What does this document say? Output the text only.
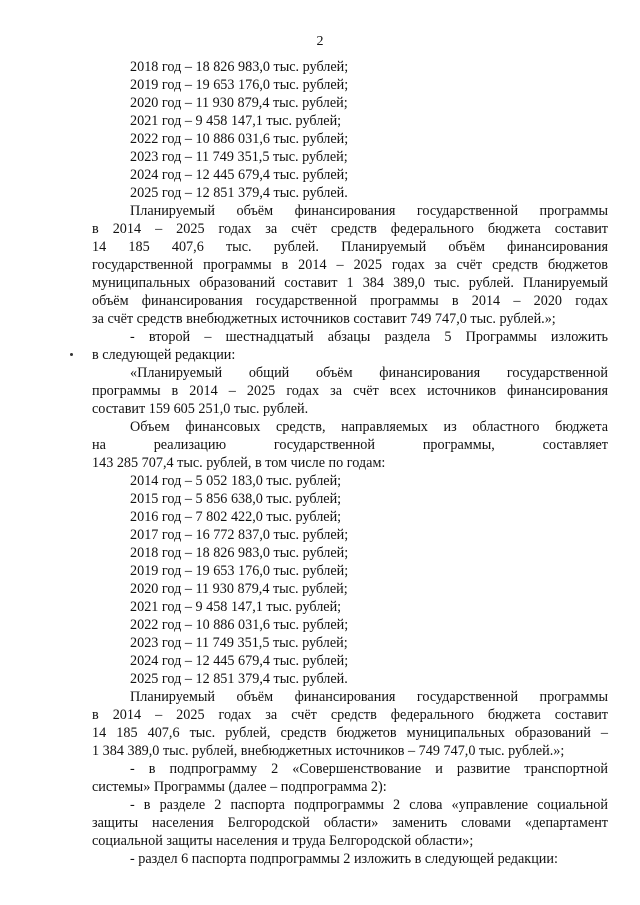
2
2018 год – 18 826 983,0 тыс. рублей;
2019 год – 19 653 176,0 тыс. рублей;
2020 год – 11 930 879,4 тыс. рублей;
2021 год – 9 458 147,1 тыс. рублей;
2022 год – 10 886 031,6 тыс. рублей;
2023 год – 11 749 351,5 тыс. рублей;
2024 год – 12 445 679,4 тыс. рублей;
2025 год – 12 851 379,4 тыс. рублей.
Планируемый объём финансирования государственной программы
в 2014 – 2025 годах за счёт средств федерального бюджета составит
14 185 407,6 тыс. рублей. Планируемый объём финансирования
государственной программы в 2014 – 2025 годах за счёт средств бюджетов
муниципальных образований составит 1 384 389,0 тыс. рублей. Планируемый
объём финансирования государственной программы в 2014 – 2020 годах
за счёт средств внебюджетных источников составит 749 747,0 тыс. рублей.»;
- второй – шестнадцатый абзацы раздела 5 Программы изложить
в следующей редакции:
«Планируемый общий объём финансирования государственной
программы в 2014 – 2025 годах за счёт всех источников финансирования
составит 159 605 251,0 тыс. рублей.
Объем финансовых средств, направляемых из областного бюджета
на реализацию государственной программы, составляет
143 285 707,4 тыс. рублей, в том числе по годам:
2014 год – 5 052 183,0 тыс. рублей;
2015 год – 5 856 638,0 тыс. рублей;
2016 год – 7 802 422,0 тыс. рублей;
2017 год – 16 772 837,0 тыс. рублей;
2018 год – 18 826 983,0 тыс. рублей;
2019 год – 19 653 176,0 тыс. рублей;
2020 год – 11 930 879,4 тыс. рублей;
2021 год – 9 458 147,1 тыс. рублей;
2022 год – 10 886 031,6 тыс. рублей;
2023 год – 11 749 351,5 тыс. рублей;
2024 год – 12 445 679,4 тыс. рублей;
2025 год – 12 851 379,4 тыс. рублей.
Планируемый объём финансирования государственной программы
в 2014 – 2025 годах за счёт средств федерального бюджета составит
14 185 407,6 тыс. рублей, средств бюджетов муниципальных образований –
1 384 389,0 тыс. рублей, внебюджетных источников – 749 747,0 тыс. рублей.»;
- в подпрограмму 2 «Совершенствование и развитие транспортной
системы» Программы (далее – подпрограмма 2):
- в разделе 2 паспорта подпрограммы 2 слова «управление социальной
защиты населения Белгородской области» заменить словами «департамент
социальной защиты населения и труда Белгородской области»;
- раздел 6 паспорта подпрограммы 2 изложить в следующей редакции:
